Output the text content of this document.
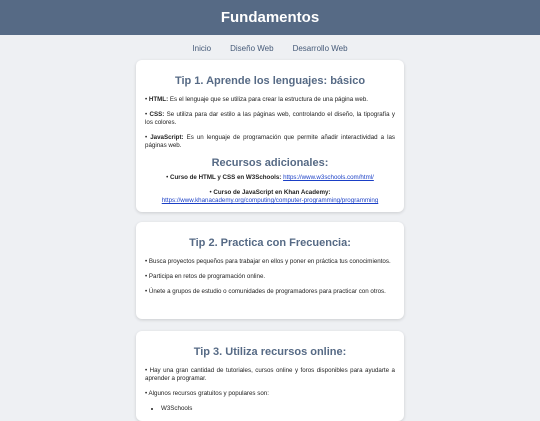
Fundamentos
Inicio Diseño Web Desarrollo Web
Tip 1. Aprende los lenguajes: básico

• HTML: Es el lenguaje que se utiliza para crear la estructura de una página web.

• CSS: Se utiliza para dar estilo a las páginas web, controlando el diseño, la tipografía y los colores.

• JavaScript: Es un lenguaje de programación que permite añadir interactividad a las páginas web.

Recursos adicionales:
• Curso de HTML y CSS en W3Schools: https://www.w3schools.com/html/
• Curso de JavaScript en Khan Academy:
https://www.khanacademy.org/computing/computer-programming/programming
Tip 2. Practica con Frecuencia:

• Busca proyectos pequeños para trabajar en ellos y poner en práctica tus conocimientos.

• Participa en retos de programación online.

• Únete a grupos de estudio o comunidades de programadores para practicar con otros.

Tip 3. Utiliza recursos online:

• Hay una gran cantidad de tutoriales, cursos online y foros disponibles para ayudarte a aprender a programar.

• Algunos recursos gratuitos y populares son:

• W3Schools
